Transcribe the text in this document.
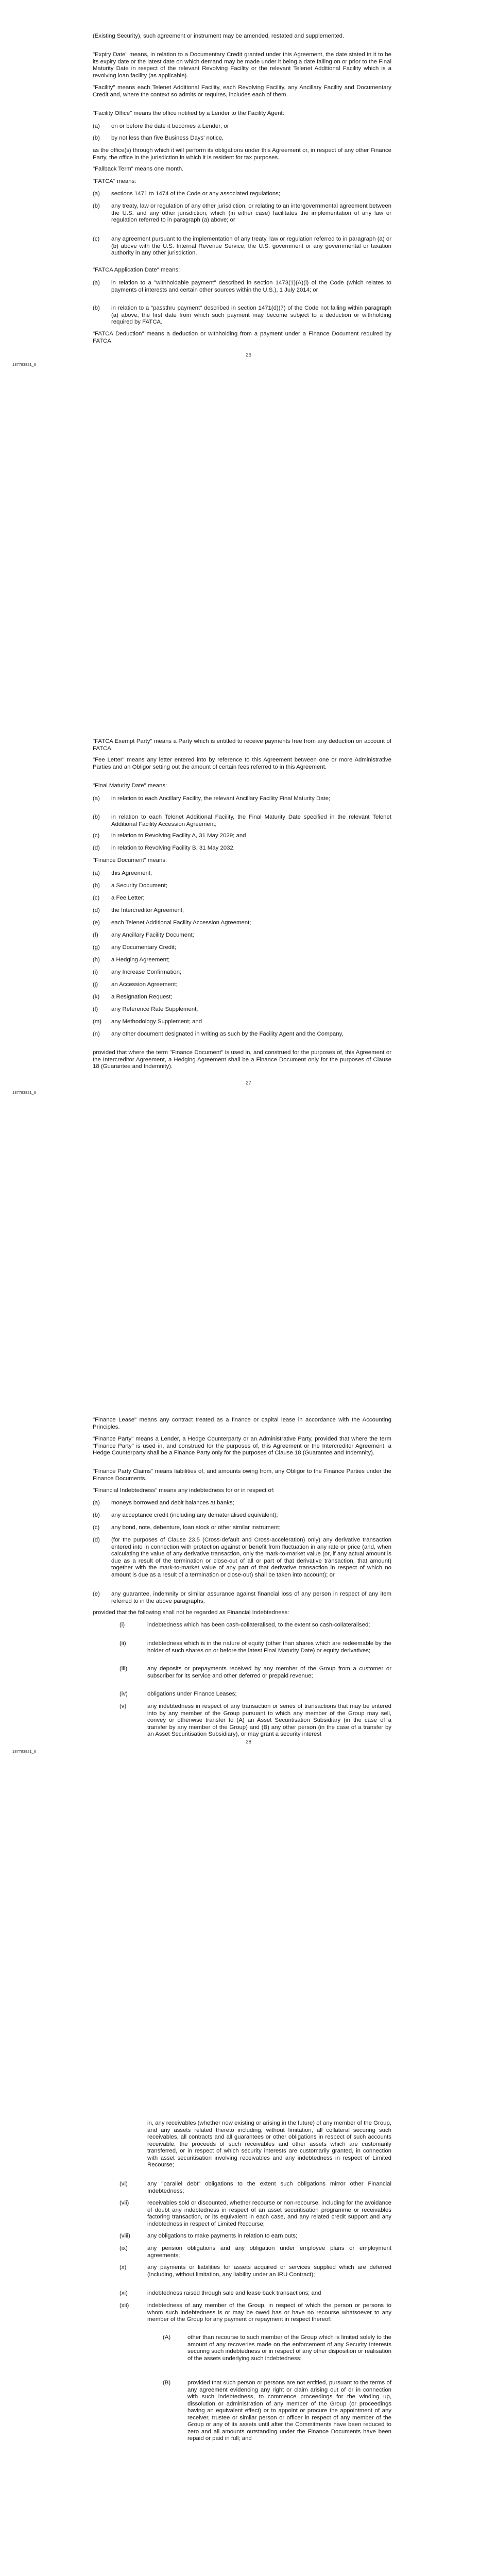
(Existing Security), such agreement or instrument may be amended, restated and supplemented.

"Expiry Date" means, in relation to a Documentary Credit granted under this Agreement, the date stated in it to be its expiry date or the latest date on which demand may be made under it being a date falling on or prior to the Final Maturity Date in respect of the relevant Revolving Facility or the relevant Telenet Additional Facility which is a revolving loan facility (as applicable).

"Facility" means each Telenet Additional Facility, each Revolving Facility, any Ancillary Facility and Documentary Credit and, where the context so admits or requires, includes each of them.

"Facility Office" means the office notified by a Lender to the Facility Agent:

(a)	on or before the date it becomes a Lender; or

(b)	by not less than five Business Days' notice,

as the office(s) through which it will perform its obligations under this Agreement or, in respect of any other Finance Party, the office in the jurisdiction in which it is resident for tax purposes.

"Fallback Term" means one month.

"FATCA" means:

(a)	sections 1471 to 1474 of the Code or any associated regulations;

(b)	any treaty, law or regulation of any other jurisdiction, or relating to an intergovernmental agreement between the U.S. and any other jurisdiction, which (in either case) facilitates the implementation of any law or regulation referred to in paragraph (a) above; or

(c)	any agreement pursuant to the implementation of any treaty, law or regulation referred to in paragraph (a) or (b) above with the U.S. Internal Revenue Service, the U.S. government or any governmental or taxation authority in any other jurisdiction.

"FATCA Application Date" means:

(a)	in relation to a "withholdable payment" described in section 1473(1)(A)(i) of the Code (which relates to payments of interests and certain other sources within the U.S.), 1 July 2014; or

(b)	in relation to a "passthru payment" described in section 1471(d)(7) of the Code not falling within paragraph (a) above, the first date from which such payment may become subject to a deduction or withholding required by FATCA.

"FATCA Deduction" means a deduction or withholding from a payment under a Finance Document required by FATCA.

26
187783821_6

"FATCA Exempt Party" means a Party which is entitled to receive payments free from any deduction on account of FATCA.

"Fee Letter" means any letter entered into by reference to this Agreement between one or more Administrative Parties and an Obligor setting out the amount of certain fees referred to in this Agreement.

"Final Maturity Date" means:

(a)	in relation to each Ancillary Facility, the relevant Ancillary Facility Final Maturity Date;

(b)	in relation to each Telenet Additional Facility, the Final Maturity Date specified in the relevant Telenet Additional Facility Accession Agreement;

(c)	in relation to Revolving Facility A, 31 May 2029; and

(d)	in relation to Revolving Facility B, 31 May 2032.

"Finance Document" means:

(a)	this Agreement;

(b)	a Security Document;

(c)	a Fee Letter;

(d)	the Intercreditor Agreement;

(e)	each Telenet Additional Facility Accession Agreement;

(f)	any Ancillary Facility Document;

(g)	any Documentary Credit;

(h)	a Hedging Agreement;

(i)	any Increase Confirmation;

(j)	an Accession Agreement;

(k)	a Resignation Request;

(l)	any Reference Rate Supplement;

(m)	any Methodology Supplement; and

(n)	any other document designated in writing as such by the Facility Agent and the Company,

provided that where the term "Finance Document" is used in, and construed for the purposes of, this Agreement or the Intercreditor Agreement, a Hedging Agreement shall be a Finance Document only for the purposes of Clause 18 (Guarantee and Indemnity).

27
187783821_6

"Finance Lease" means any contract treated as a finance or capital lease in accordance with the Accounting Principles.

"Finance Party" means a Lender, a Hedge Counterparty or an Administrative Party, provided that where the term "Finance Party" is used in, and construed for the purposes of, this Agreement or the Intercreditor Agreement, a Hedge Counterparty shall be a Finance Party only for the purposes of Clause 18 (Guarantee and Indemnity).

"Finance Party Claims" means liabilities of, and amounts owing from, any Obligor to the Finance Parties under the Finance Documents.

"Financial Indebtedness" means any indebtedness for or in respect of:

(a)	moneys borrowed and debit balances at banks;

(b)	any acceptance credit (including any dematerialised equivalent);

(c)	any bond, note, debenture, loan stock or other similar instrument;

(d)	(for the purposes of Clause 23.5 (Cross-default and Cross-acceleration) only) any derivative transaction entered into in connection with protection against or benefit from fluctuation in any rate or price (and, when calculating the value of any derivative transaction, only the mark-to-market value (or, if any actual amount is due as a result of the termination or close-out of all or part of that derivative transaction, that amount) together with the mark-to-market value of any part of that derivative transaction in respect of which no amount is due as a result of a termination or close-out) shall be taken into account); or

(e)	any guarantee, indemnity or similar assurance against financial loss of any person in respect of any item referred to in the above paragraphs,

provided that the following shall not be regarded as Financial Indebtedness:

(i)	indebtedness which has been cash-collateralised, to the extent so cash-collateralised;

(ii)	indebtedness which is in the nature of equity (other than shares which are redeemable by the holder of such shares on or before the latest Final Maturity Date) or equity derivatives;

(iii)	any deposits or prepayments received by any member of the Group from a customer or subscriber for its service and other deferred or prepaid revenue;

(iv)	obligations under Finance Leases;

(v)	any indebtedness in respect of any transaction or series of transactions that may be entered into by any member of the Group pursuant to which any member of the Group may sell, convey or otherwise transfer to (A) an Asset Securitisation Subsidiary (in the case of a transfer by any member of the Group) and (B) any other person (in the case of a transfer by an Asset Securitisation Subsidiary), or may grant a security interest

28
187783821_6

in, any receivables (whether now existing or arising in the future) of any member of the Group, and any assets related thereto including, without limitation, all collateral securing such receivables, all contracts and all guarantees or other obligations in respect of such accounts receivable, the proceeds of such receivables and other assets which are customarily transferred, or in respect of which security interests are customarily granted, in connection with asset securitisation involving receivables and any indebtedness in respect of Limited Recourse;

(vi)	any "parallel debt" obligations to the extent such obligations mirror other Financial Indebtedness;

(vii)	receivables sold or discounted, whether recourse or non-recourse, including for the avoidance of doubt any indebtedness in respect of an asset securitisation programme or receivables factoring transaction, or its equivalent in each case, and any related credit support and any indebtedness in respect of Limited Recourse;

(viii)	any obligations to make payments in relation to earn outs;

(ix)	any pension obligations and any obligation under employee plans or employment agreements;

(x)	any payments or liabilities for assets acquired or services supplied which are deferred (including, without limitation, any liability under an IRU Contract);

(xi)	indebtedness raised through sale and lease back transactions; and

(xii)	indebtedness of any member of the Group, in respect of which the person or persons to whom such indebtedness is or may be owed has or have no recourse whatsoever to any member of the Group for any payment or repayment in respect thereof:

(A)	other than recourse to such member of the Group which is limited solely to the amount of any recoveries made on the enforcement of any Security Interests securing such indebtedness or in respect of any other disposition or realisation of the assets underlying such indebtedness;

(B)	provided that such person or persons are not entitled, pursuant to the terms of any agreement evidencing any right or claim arising out of or in connection with such indebtedness, to commence proceedings for the winding up, dissolution or administration of any member of the Group (or proceedings having an equivalent effect) or to appoint or procure the appointment of any receiver, trustee or similar person or officer in respect of any member of the Group or any of its assets until after the Commitments have been reduced to zero and all amounts outstanding under the Finance Documents have been repaid or paid in full; and
